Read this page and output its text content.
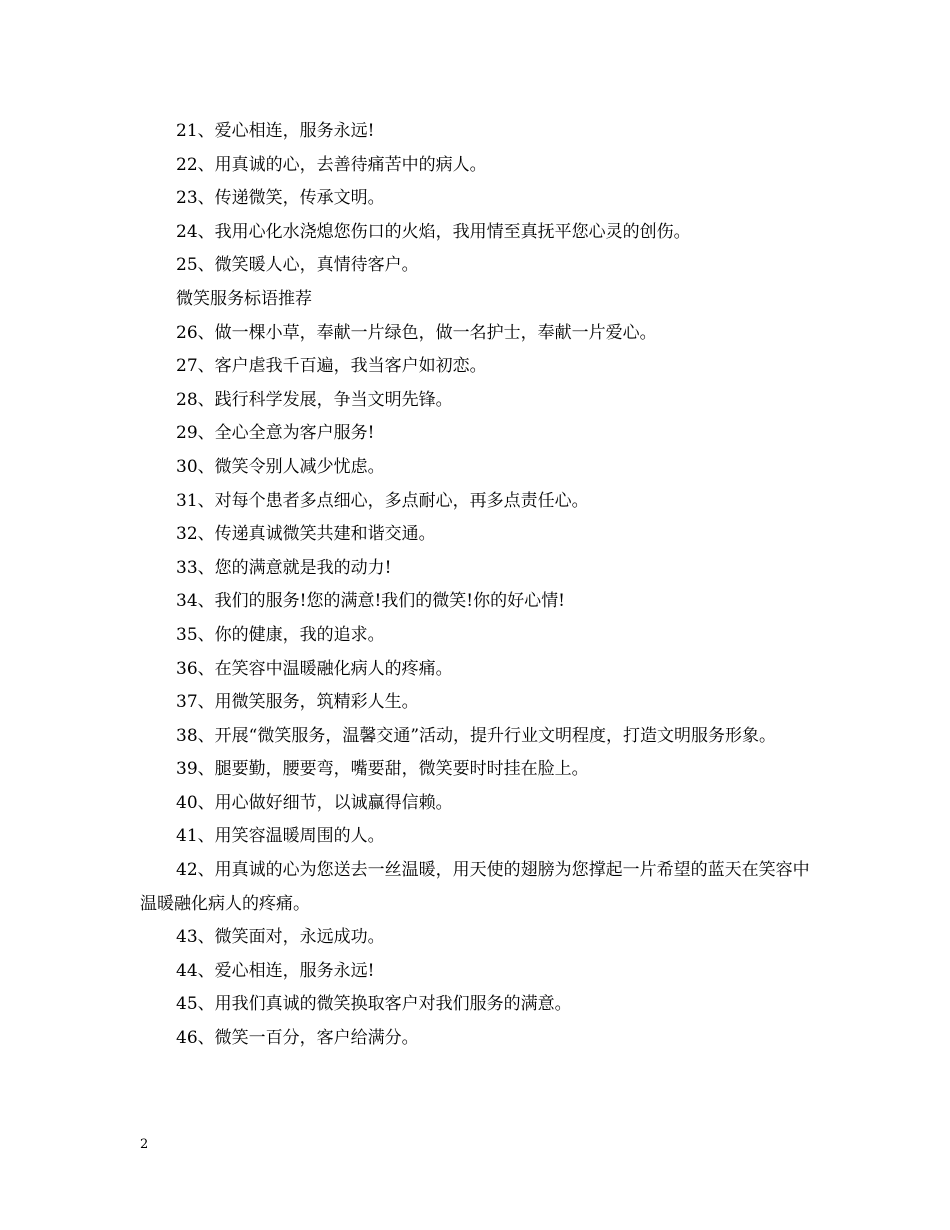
21、爱心相连，服务永远!

22、用真诚的心，去善待痛苦中的病人。

23、传递微笑，传承文明。

24、我用心化水浇熄您伤口的火焰，我用情至真抚平您心灵的创伤。

25、微笑暖人心，真情待客户。

微笑服务标语推荐

26、做一棵小草，奉献一片绿色，做一名护士，奉献一片爱心。

27、客户虐我千百遍，我当客户如初恋。

28、践行科学发展，争当文明先锋。

29、全心全意为客户服务!

30、微笑令别人减少忧虑。

31、对每个患者多点细心，多点耐心，再多点责任心。

32、传递真诚微笑共建和谐交通。

33、您的满意就是我的动力!

34、我们的服务!您的满意!我们的微笑!你的好心情!

35、你的健康，我的追求。

36、在笑容中温暖融化病人的疼痛。

37、用微笑服务，筑精彩人生。

38、开展“微笑服务，温馨交通”活动，提升行业文明程度，打造文明服务形象。

39、腿要勤，腰要弯，嘴要甜，微笑要时时挂在脸上。

40、用心做好细节，以诚赢得信赖。

41、用笑容温暖周围的人。

42、用真诚的心为您送去一丝温暖，用天使的翅膀为您撑起一片希望的蓝天在笑容中温暖融化病人的疼痛。

43、微笑面对，永远成功。

44、爱心相连，服务永远!

45、用我们真诚的微笑换取客户对我们服务的满意。

46、微笑一百分，客户给满分。

2
